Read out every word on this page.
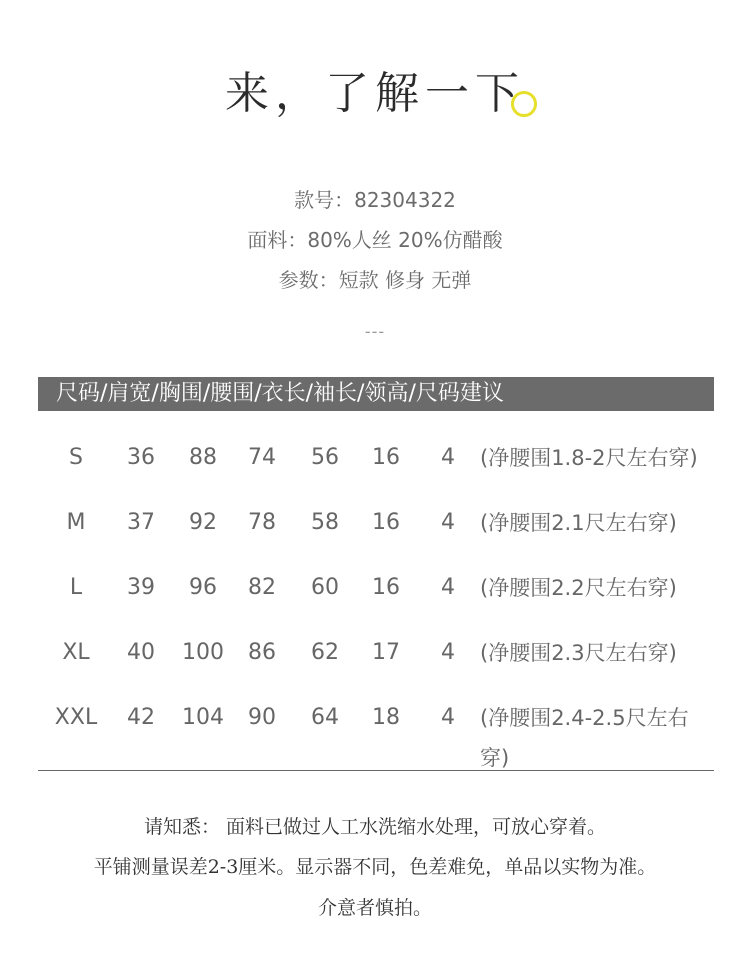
来，了解一下
款号：82304322
面料：80%人丝 20%仿醋酸
参数：短款 修身 无弹
---
尺码/肩宽/胸围/腰围/衣长/袖长/领高/尺码建议
S	36	88	74	56	16	4	(净腰围1.8-2尺左右穿)
M	37	92	78	58	16	4	(净腰围2.1尺左右穿)
L	39	96	82	60	16	4	(净腰围2.2尺左右穿)
XL	40	100	86	62	17	4	(净腰围2.3尺左右穿)
XXL	42	104	90	64	18	4	(净腰围2.4-2.5尺左右穿)
请知悉： 面料已做过人工水洗缩水处理，可放心穿着。
平铺测量误差2-3厘米。显示器不同，色差难免，单品以实物为准。
介意者慎拍。
